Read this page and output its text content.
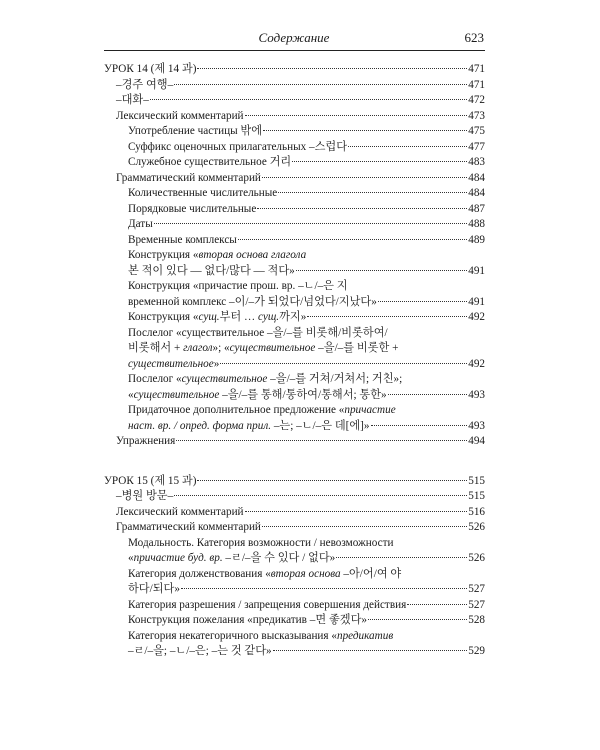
Содержание	623
УРОК 14 (제 14 과)	471
–경주 여행–	471
–대화–	472
Лексический комментарий	473
Употребление частицы 밖에	475
Суффикс оценочных прилагательных –스럽다	477
Служебное существительное 거리	483
Грамматический комментарий	484
Количественные числительные	484
Порядковые числительные	487
Даты	488
Временные комплексы	489
Конструкция «вторая основа глагола
본 적이 있다 — 없다/많다 — 적다»	491
Конструкция «причастие прош. вр. –ㄴ/–은 지
временной комплекс –이/–가 되었다/넘었다/지났다»	491
Конструкция «сущ.부터 … сущ.까지»	492
Послелог «существительное –을/–를 비롯해/비롯하여/
비롯해서 + глагол»; «существительное –을/–를 비롯한 +
существительное»	492
Послелог «существительное –을/–를 거쳐/거쳐서; 거친»;
«существительное –을/–를 통해/통하여/통해서; 통한»	493
Придаточное дополнительное предложение «причастие
наст. вр. / опред. форма прил. –는; –ㄴ/–은 데[에]»	493
Упражнения	494
УРОК 15 (제 15 과)	515
–병원 방문–	515
Лексический комментарий	516
Грамматический комментарий	526
Модальность. Категория возможности / невозможности
«причастие буд. вр. –ㄹ/–을 수 있다 / 없다»	526
Категория долженствования «вторая основа –아/어/여 야
하다/되다»	527
Категория разрешения / запрещения совершения действия	527
Конструкция пожелания «предикатив –면 좋겠다»	528
Категория некатегоричного высказывания «предикатив
–ㄹ/–을; –ㄴ/–은; –는 것 같다»	529
